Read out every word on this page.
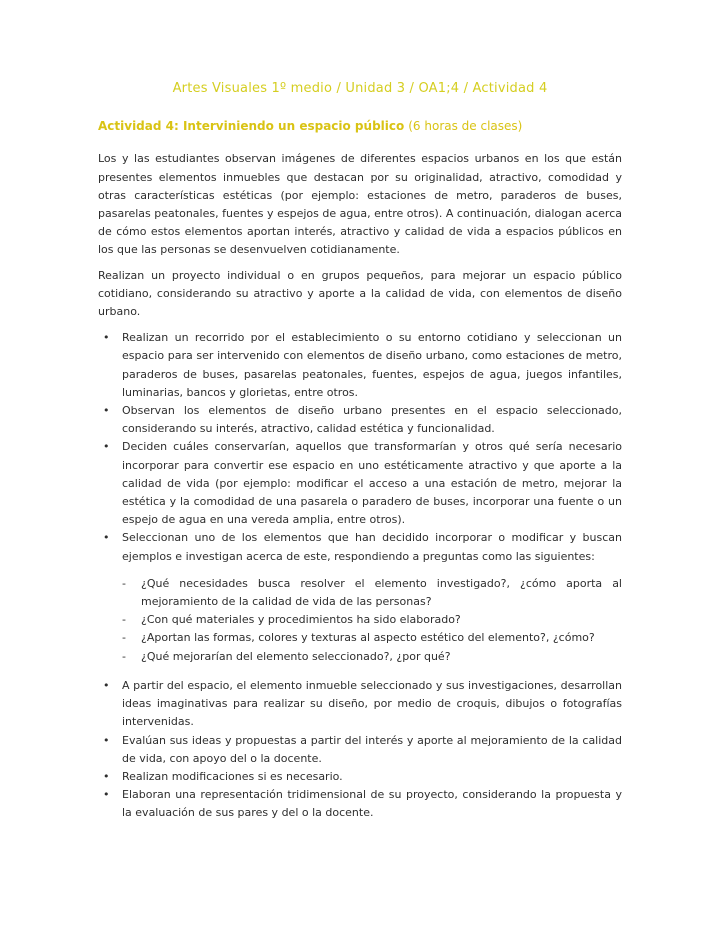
Artes Visuales 1º medio / Unidad 3 / OA1;4 / Actividad 4
Actividad 4: Interviniendo un espacio público (6 horas de clases)

Los y las estudiantes observan imágenes de diferentes espacios urbanos en los que están presentes elementos inmuebles que destacan por su originalidad, atractivo, comodidad y otras características estéticas (por ejemplo: estaciones de metro, paraderos de buses, pasarelas peatonales, fuentes y espejos de agua, entre otros). A continuación, dialogan acerca de cómo estos elementos aportan interés, atractivo y calidad de vida a espacios públicos en los que las personas se desenvuelven cotidianamente.

Realizan un proyecto individual o en grupos pequeños, para mejorar un espacio público cotidiano, considerando su atractivo y aporte a la calidad de vida, con elementos de diseño urbano.

• Realizan un recorrido por el establecimiento o su entorno cotidiano y seleccionan un espacio para ser intervenido con elementos de diseño urbano, como estaciones de metro, paraderos de buses, pasarelas peatonales, fuentes, espejos de agua, juegos infantiles, luminarias, bancos y glorietas, entre otros.
• Observan los elementos de diseño urbano presentes en el espacio seleccionado, considerando su interés, atractivo, calidad estética y funcionalidad.
• Deciden cuáles conservarían, aquellos que transformarían y otros qué sería necesario incorporar para convertir ese espacio en uno estéticamente atractivo y que aporte a la calidad de vida (por ejemplo: modificar el acceso a una estación de metro, mejorar la estética y la comodidad de una pasarela o paradero de buses, incorporar una fuente o un espejo de agua en una vereda amplia, entre otros).
• Seleccionan uno de los elementos que han decidido incorporar o modificar y buscan ejemplos e investigan acerca de este, respondiendo a preguntas como las siguientes:
- ¿Qué necesidades busca resolver el elemento investigado?, ¿cómo aporta al mejoramiento de la calidad de vida de las personas?
- ¿Con qué materiales y procedimientos ha sido elaborado?
- ¿Aportan las formas, colores y texturas al aspecto estético del elemento?, ¿cómo?
- ¿Qué mejorarían del elemento seleccionado?, ¿por qué?
• A partir del espacio, el elemento inmueble seleccionado y sus investigaciones, desarrollan ideas imaginativas para realizar su diseño, por medio de croquis, dibujos o fotografías intervenidas.
• Evalúan sus ideas y propuestas a partir del interés y aporte al mejoramiento de la calidad de vida, con apoyo del o la docente.
• Realizan modificaciones si es necesario.
• Elaboran una representación tridimensional de su proyecto, considerando la propuesta y la evaluación de sus pares y del o la docente.
